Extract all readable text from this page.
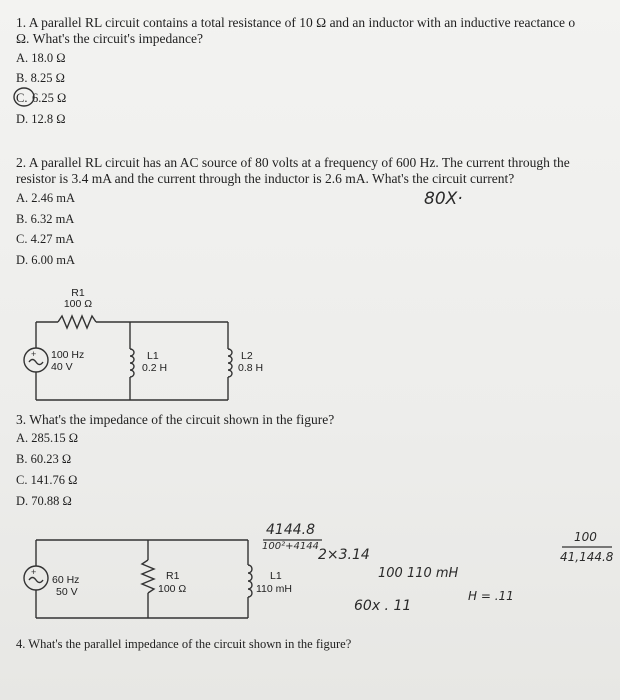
1. A parallel RL circuit contains a total resistance of 10 Ω and an inductor with an inductive reactance o
Ω. What's the circuit's impedance?
A. 18.0 Ω
B. 8.25 Ω
C. 6.25 Ω
D. 12.8 Ω
2. A parallel RL circuit has an AC source of 80 volts at a frequency of 600 Hz. The current through the
resistor is 3.4 mA and the current through the inductor is 2.6 mA. What's the circuit current?
A. 2.46 mA
B. 6.32 mA
C. 4.27 mA
D. 6.00 mA
80X·
3. What's the impedance of the circuit shown in the figure?
A. 285.15 Ω
B. 60.23 Ω
C. 141.76 Ω
D. 70.88 Ω
4. What's the parallel impedance of the circuit shown in the figure?
+
+
R1
100 Ω
100 Hz
40 V
L1
0.2 H
L2
0.8 H
60 Hz
50 V
R1
100 Ω
L1
110 mH
4144.8
100²+4144
2×3.14
100 110 mH
60x . 11
H = .11
100
41,144.8
